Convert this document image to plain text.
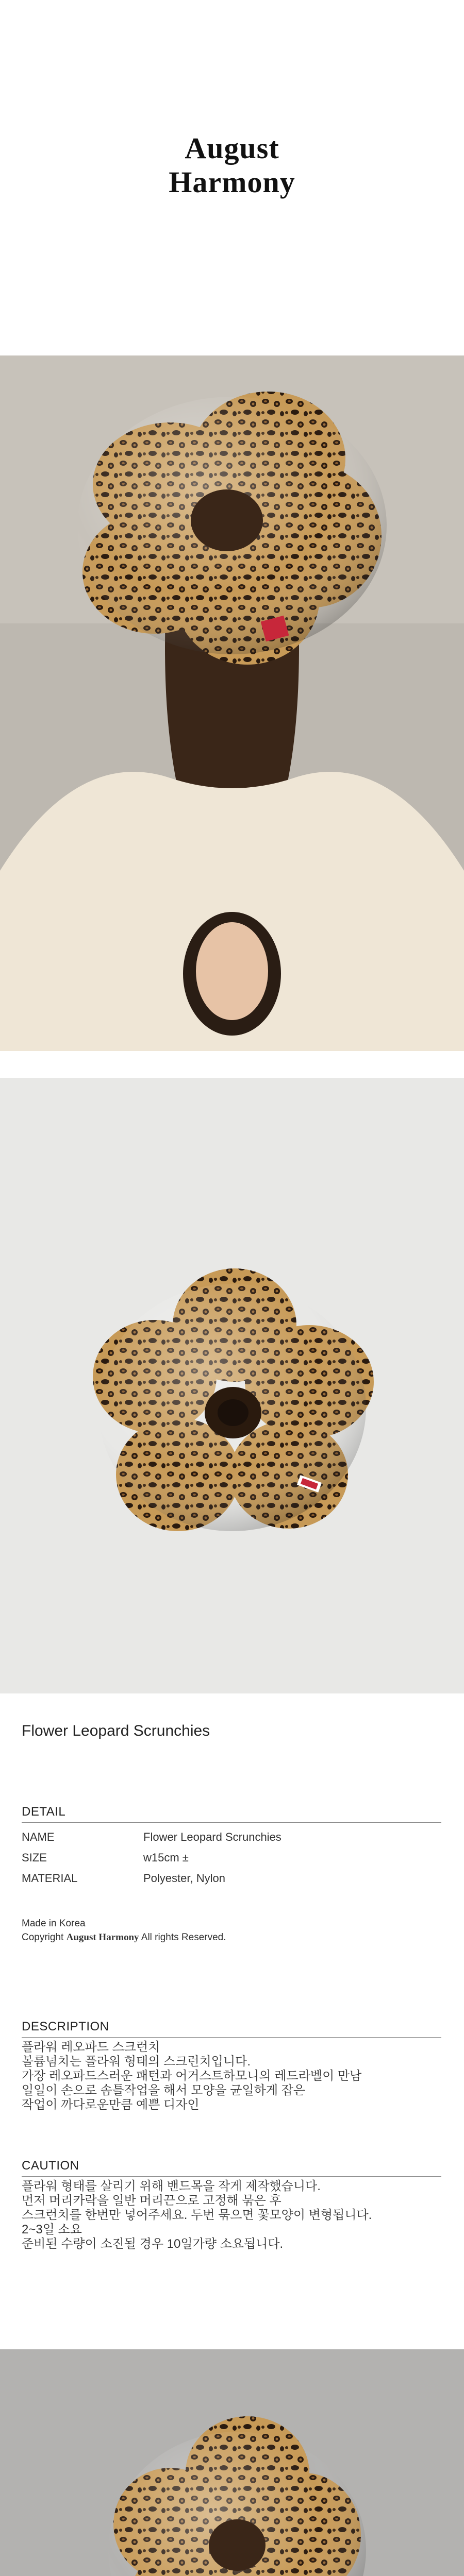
August
Harmony
Flower Leopard Scrunchies
DETAIL
NAME	Flower Leopard Scrunchies
SIZE	w15cm ±
MATERIAL	Polyester, Nylon
Made in Korea
Copyright August Harmony All rights Reserved.
DESCRIPTION
플라워 레오파드 스크런치
볼륨넘치는 플라워 형태의 스크런치입니다.
가장 레오파드스러운 패턴과 어거스트하모니의 레드라벨이 만남
일일이 손으로 솜틀작업을 해서 모양을 균일하게 잡은
작업이 까다로운만큼 예쁜 디자인
CAUTION
플라워 형태를 살리기 위해 밴드목을 작게 제작했습니다.
먼저 머리카락을 일반 머리끈으로 고정해 묶은 후
스크런치를 한번만 넣어주세요. 두번 묶으면 꽃모양이 변형됩니다.
2~3일 소요
준비된 수량이 소진될 경우 10일가량 소요됩니다.
